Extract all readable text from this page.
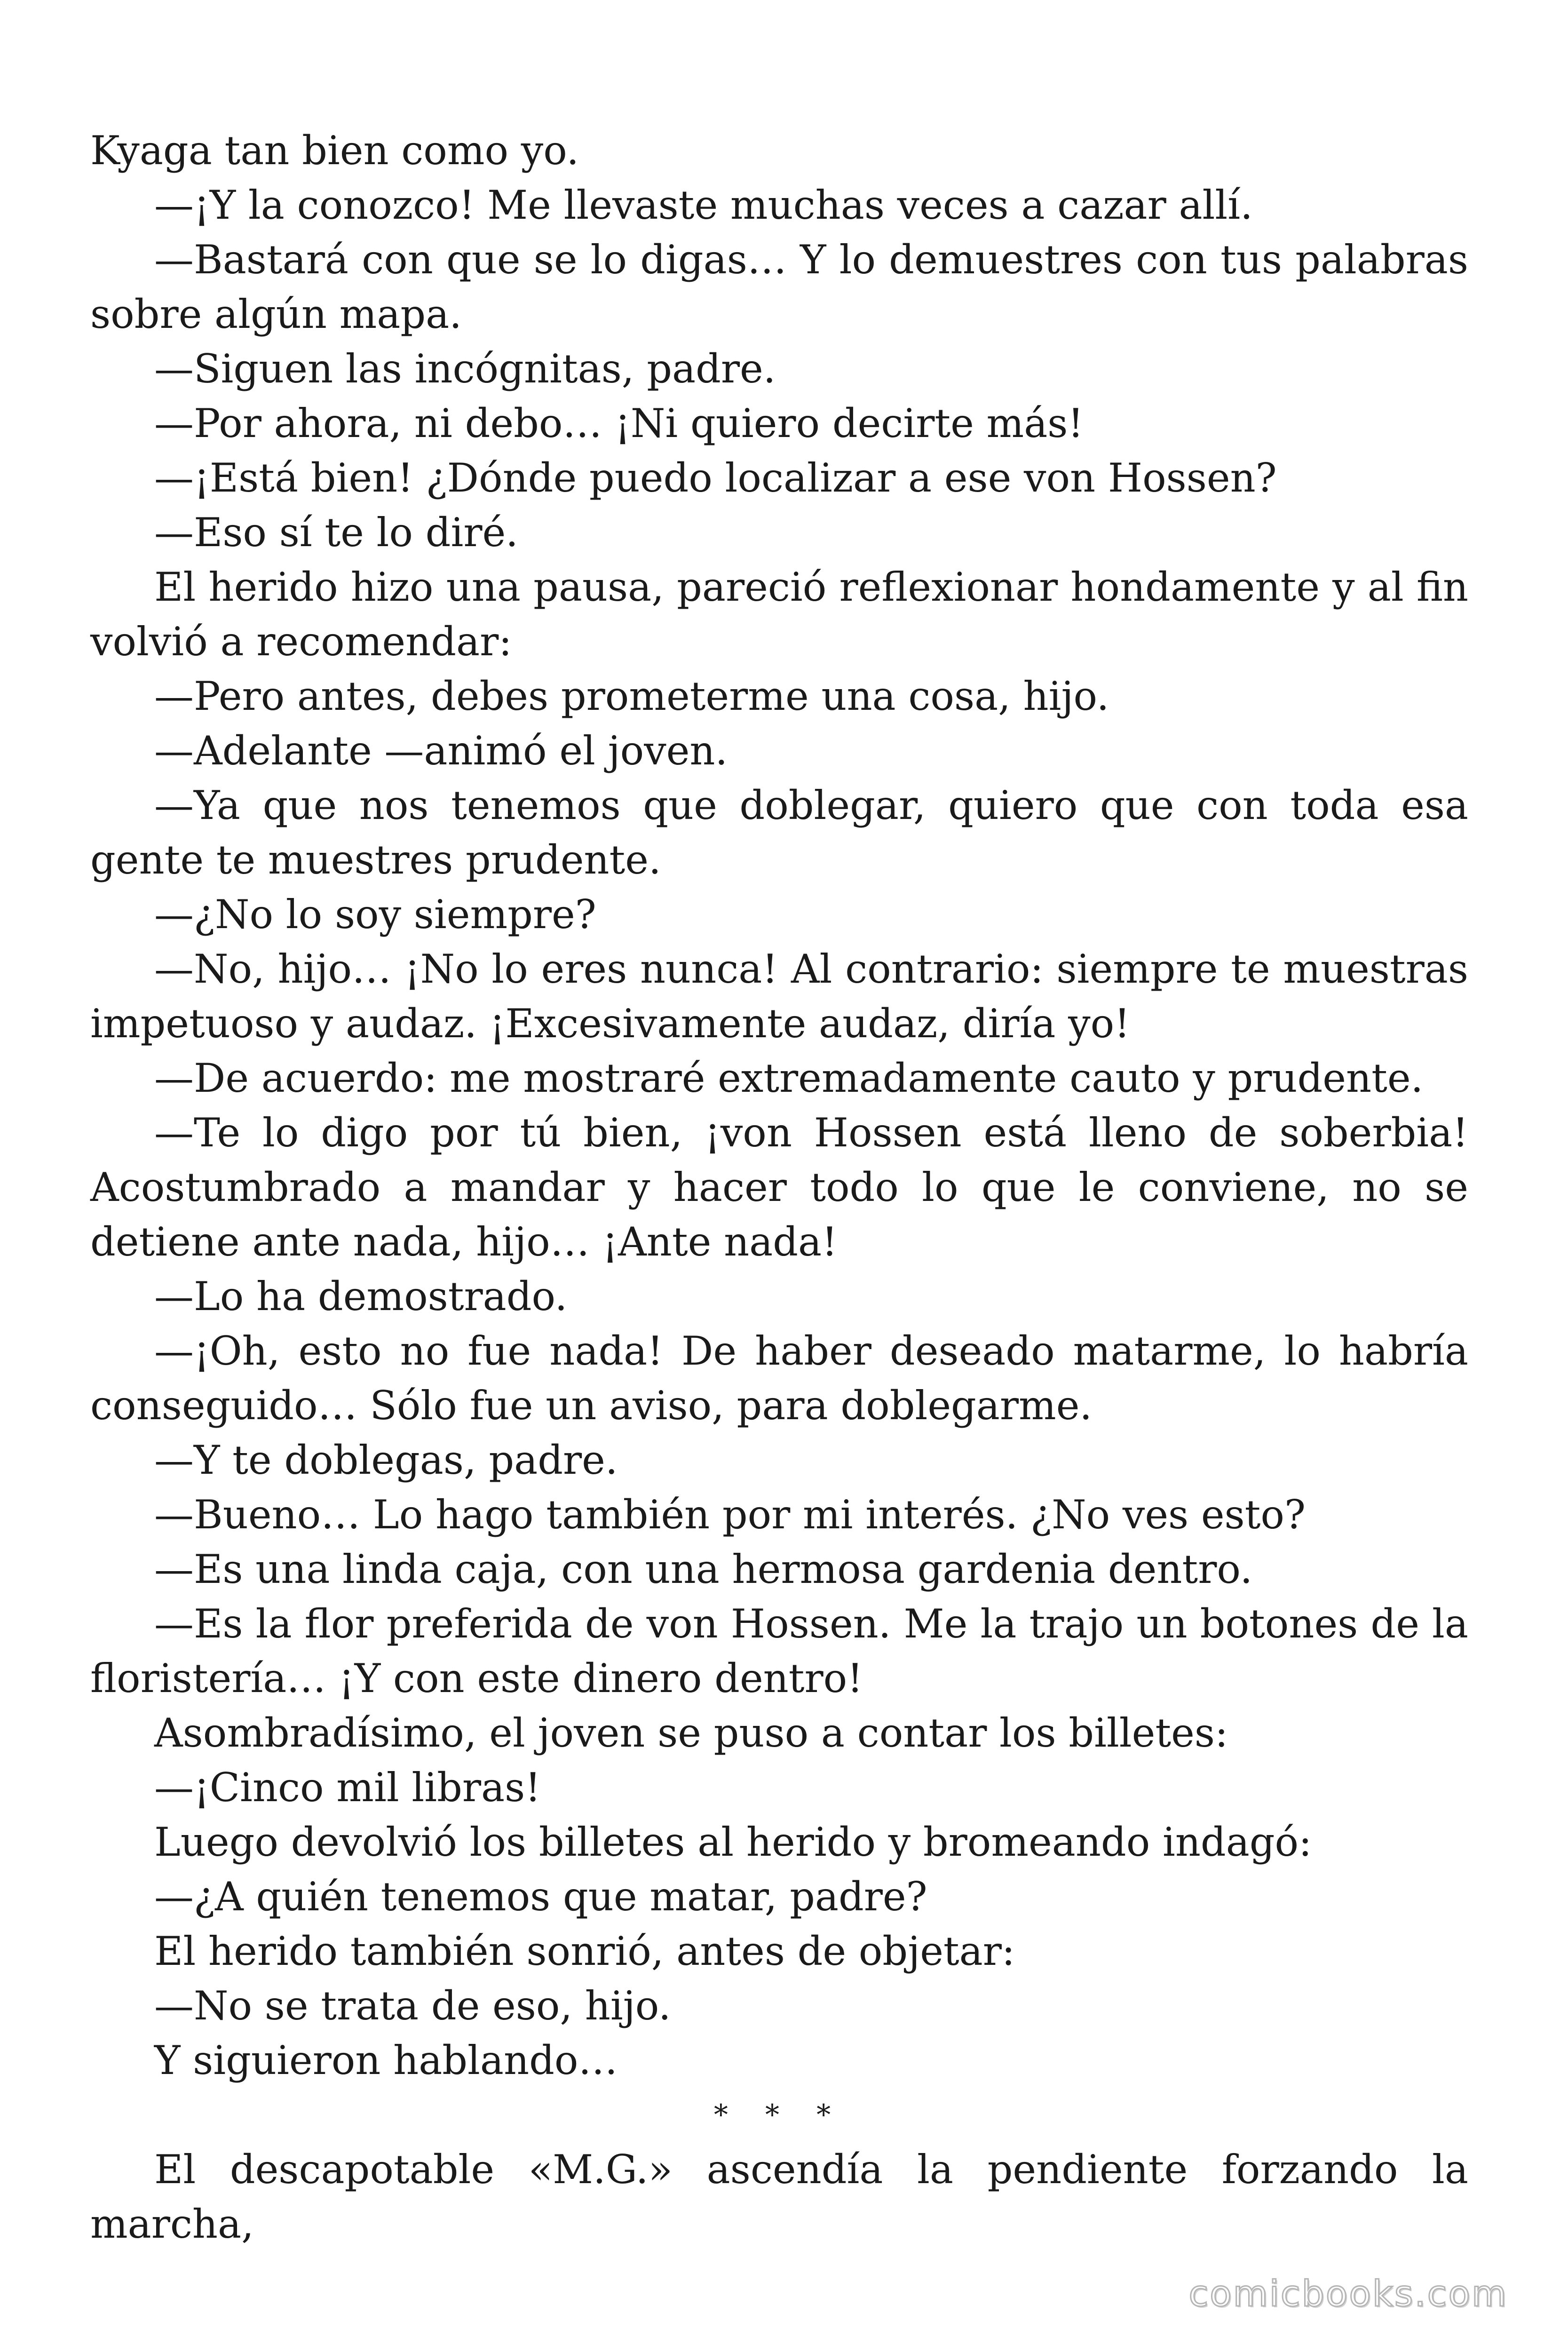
Kyaga tan bien como yo.

—¡Y la conozco! Me llevaste muchas veces a cazar allí.

—Bastará con que se lo digas… Y lo demuestres con tus palabras sobre algún mapa.

—Siguen las incógnitas, padre.

—Por ahora, ni debo… ¡Ni quiero decirte más!

—¡Está bien! ¿Dónde puedo localizar a ese von Hossen?

—Eso sí te lo diré.

El herido hizo una pausa, pareció reflexionar hondamente y al fin volvió a recomendar:

—Pero antes, debes prometerme una cosa, hijo.

—Adelante —animó el joven.

—Ya que nos tenemos que doblegar, quiero que con toda esa gente te muestres prudente.

—¿No lo soy siempre?

—No, hijo… ¡No lo eres nunca! Al contrario: siempre te muestras impetuoso y audaz. ¡Excesivamente audaz, diría yo!

—De acuerdo: me mostraré extremadamente cauto y prudente.

—Te lo digo por tú bien, ¡von Hossen está lleno de soberbia! Acostumbrado a mandar y hacer todo lo que le conviene, no se detiene ante nada, hijo… ¡Ante nada!

—Lo ha demostrado.

—¡Oh, esto no fue nada! De haber deseado matarme, lo habría conseguido… Sólo fue un aviso, para doblegarme.

—Y te doblegas, padre.

—Bueno… Lo hago también por mi interés. ¿No ves esto?

—Es una linda caja, con una hermosa gardenia dentro.

—Es la flor preferida de von Hossen. Me la trajo un botones de la floristería… ¡Y con este dinero dentro!

Asombradísimo, el joven se puso a contar los billetes:

—¡Cinco mil libras!

Luego devolvió los billetes al herido y bromeando indagó:

—¿A quién tenemos que matar, padre?

El herido también sonrió, antes de objetar:

—No se trata de eso, hijo.

Y siguieron hablando…

* * *

El descapotable «M.G.» ascendía la pendiente forzando la marcha,

comicbooks.com
